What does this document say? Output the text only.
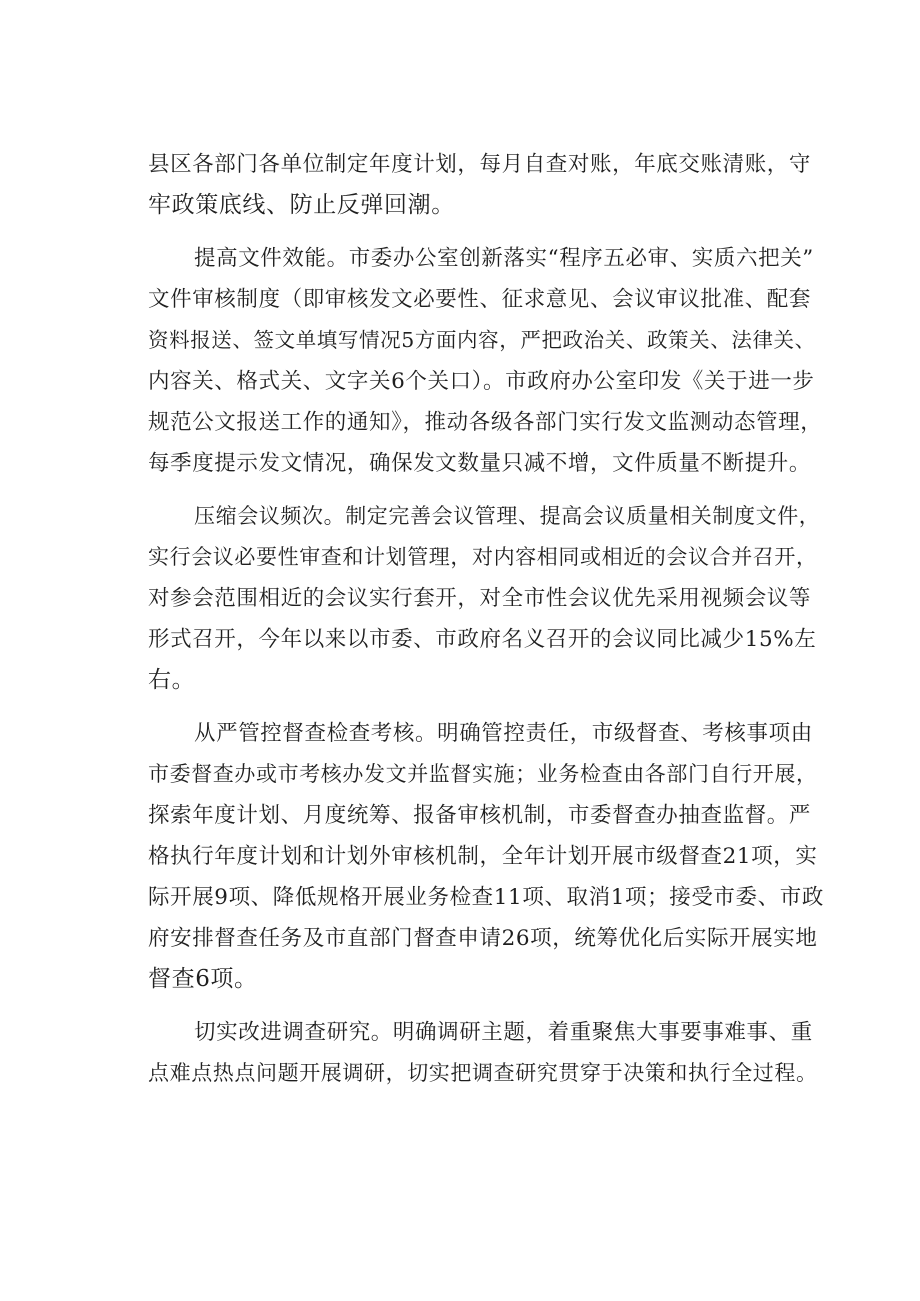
县区各部门各单位制定年度计划，每月自查对账，年底交账清账，守
牢政策底线、防止反弹回潮。
提高文件效能。市委办公室创新落实“程序五必审、实质六把关”
文件审核制度（即审核发文必要性、征求意见、会议审议批准、配套
资料报送、签文单填写情况5方面内容，严把政治关、政策关、法律关、
内容关、格式关、文字关6个关口）。市政府办公室印发《关于进一步
规范公文报送工作的通知》，推动各级各部门实行发文监测动态管理，
每季度提示发文情况，确保发文数量只减不增，文件质量不断提升。
压缩会议频次。制定完善会议管理、提高会议质量相关制度文件，
实行会议必要性审查和计划管理，对内容相同或相近的会议合并召开，
对参会范围相近的会议实行套开，对全市性会议优先采用视频会议等
形式召开，今年以来以市委、市政府名义召开的会议同比减少15%左
右。
从严管控督查检查考核。明确管控责任，市级督查、考核事项由
市委督查办或市考核办发文并监督实施；业务检查由各部门自行开展，
探索年度计划、月度统筹、报备审核机制，市委督查办抽查监督。严
格执行年度计划和计划外审核机制，全年计划开展市级督查21项，实
际开展9项、降低规格开展业务检查11项、取消1项；接受市委、市政
府安排督查任务及市直部门督查申请26项，统筹优化后实际开展实地
督查6项。
切实改进调查研究。明确调研主题，着重聚焦大事要事难事、重
点难点热点问题开展调研，切实把调查研究贯穿于决策和执行全过程。
